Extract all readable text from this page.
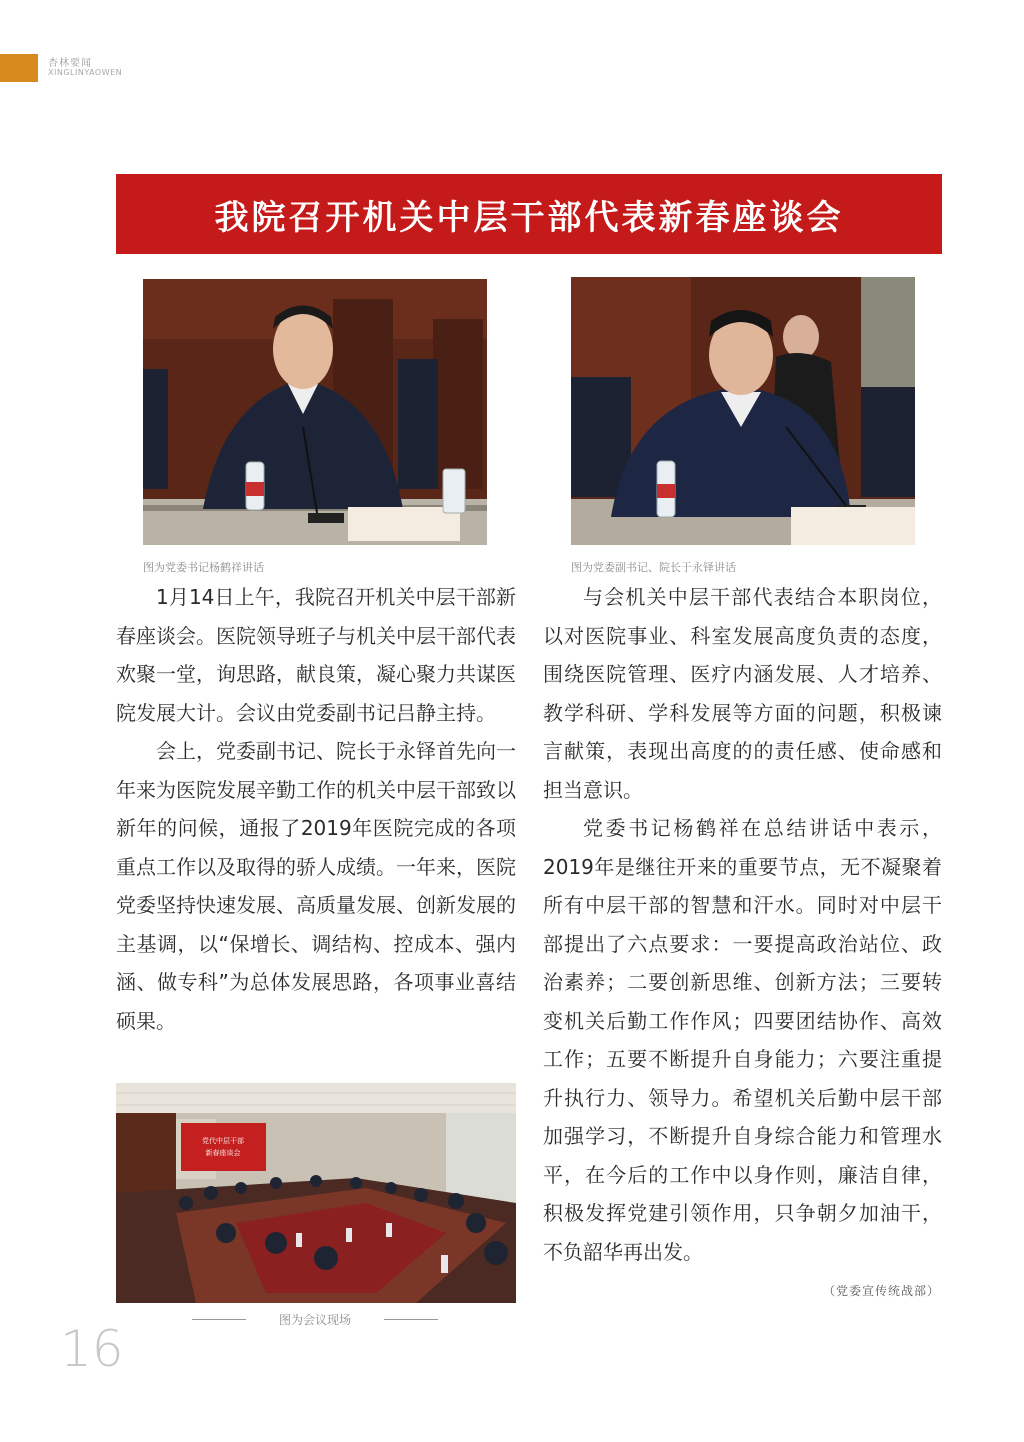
杏林要闻
XINGLINYAOWEN
我院召开机关中层干部代表新春座谈会
图为党委书记杨鹤祥讲话	图为党委副书记、院长于永铎讲话

1月14日上午，我院召开机关中层干部新春座谈会。医院领导班子与机关中层干部代表欢聚一堂，询思路，献良策，凝心聚力共谋医院发展大计。会议由党委副书记吕静主持。

会上，党委副书记、院长于永铎首先向一年来为医院发展辛勤工作的机关中层干部致以新年的问候，通报了2019年医院完成的各项重点工作以及取得的骄人成绩。一年来，医院党委坚持快速发展、高质量发展、创新发展的主基调，以“保增长、调结构、控成本、强内涵、做专科”为总体发展思路，各项事业喜结硕果。

与会机关中层干部代表结合本职岗位，以对医院事业、科室发展高度负责的态度，围绕医院管理、医疗内涵发展、人才培养、教学科研、学科发展等方面的问题，积极谏言献策，表现出高度的的责任感、使命感和担当意识。

党委书记杨鹤祥在总结讲话中表示，2019年是继往开来的重要节点，无不凝聚着所有中层干部的智慧和汗水。同时对中层干部提出了六点要求：一要提高政治站位、政治素养；二要创新思维、创新方法；三要转变机关后勤工作作风；四要团结协作、高效工作；五要不断提升自身能力；六要注重提升执行力、领导力。希望机关后勤中层干部加强学习，不断提升自身综合能力和管理水平，在今后的工作中以身作则，廉洁自律，积极发挥党建引领作用，只争朝夕加油干，不负韶华再出发。

党代中层干部
新春座谈会
图为会议现场
（党委宣传统战部）
16
